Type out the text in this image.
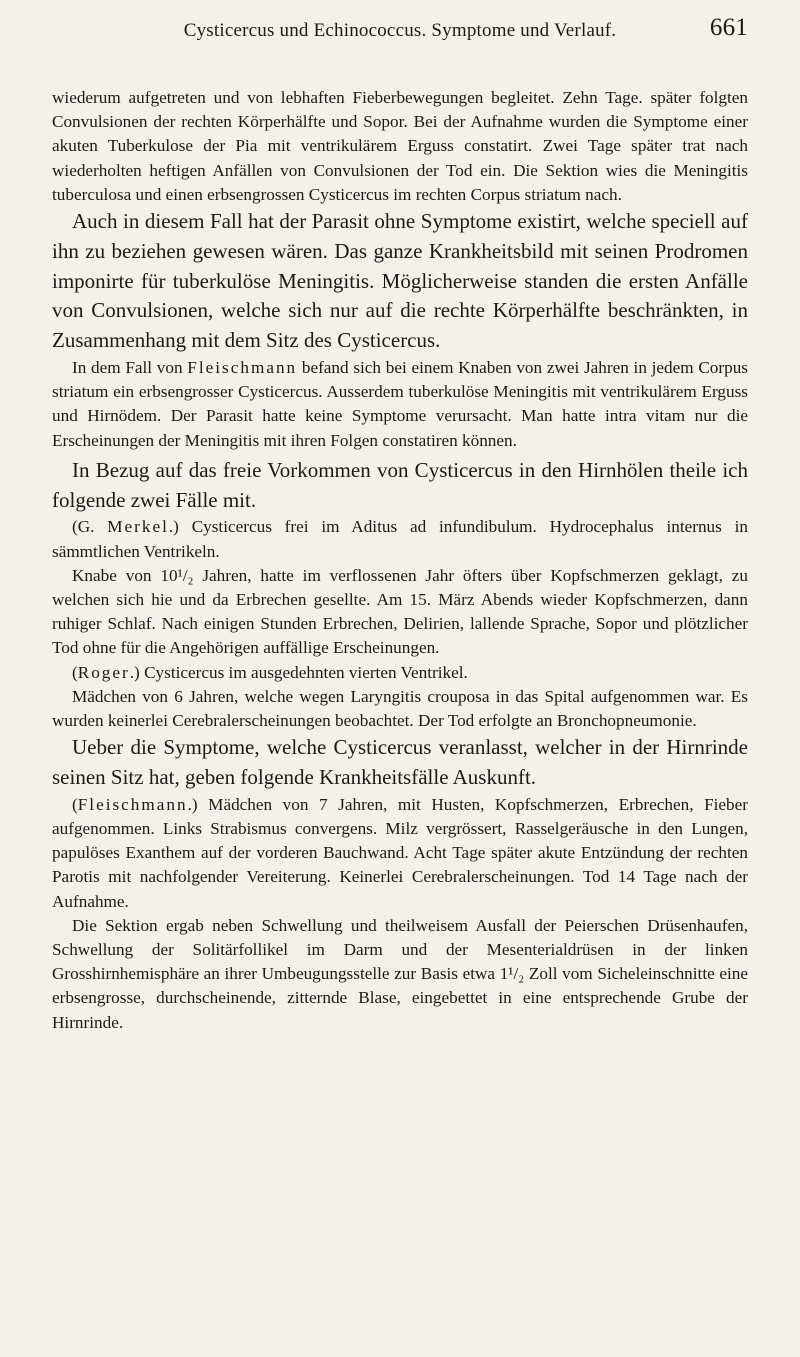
Cysticercus und Echinococcus. Symptome und Verlauf.	661

wiederum aufgetreten und von lebhaften Fieberbewegungen begleitet. Zehn Tage. später folgten Convulsionen der rechten Körperhälfte und Sopor. Bei der Aufnahme wurden die Symptome einer akuten Tuberkulose der Pia mit ventrikulärem Erguss constatirt. Zwei Tage später trat nach wiederholten heftigen Anfällen von Convulsionen der Tod ein. Die Sektion wies die Meningitis tuberculosa und einen erbsengrossen Cysticercus im rechten Corpus striatum nach.

Auch in diesem Fall hat der Parasit ohne Symptome existirt, welche speciell auf ihn zu beziehen gewesen wären. Das ganze Krankheitsbild mit seinen Prodromen imponirte für tuberkulöse Meningitis. Möglicherweise standen die ersten Anfälle von Convulsionen, welche sich nur auf die rechte Körperhälfte beschränkten, in Zusammenhang mit dem Sitz des Cysticercus.

In dem Fall von Fleischmann befand sich bei einem Knaben von zwei Jahren in jedem Corpus striatum ein erbsengrosser Cysticercus. Ausserdem tuberkulöse Meningitis mit ventrikulärem Erguss und Hirnödem. Der Parasit hatte keine Symptome verursacht. Man hatte intra vitam nur die Erscheinungen der Meningitis mit ihren Folgen constatiren können.

In Bezug auf das freie Vorkommen von Cysticercus in den Hirnhölen theile ich folgende zwei Fälle mit.

(G. Merkel.) Cysticercus frei im Aditus ad infundibulum. Hydrocephalus internus in sämmtlichen Ventrikeln.

Knabe von 10¹/₂ Jahren, hatte im verflossenen Jahr öfters über Kopfschmerzen geklagt, zu welchen sich hie und da Erbrechen gesellte. Am 15. März Abends wieder Kopfschmerzen, dann ruhiger Schlaf. Nach einigen Stunden Erbrechen, Delirien, lallende Sprache, Sopor und plötzlicher Tod ohne für die Angehörigen auffällige Erscheinungen.

(Roger.) Cysticercus im ausgedehnten vierten Ventrikel.

Mädchen von 6 Jahren, welche wegen Laryngitis crouposa in das Spital aufgenommen war. Es wurden keinerlei Cerebralerscheinungen beobachtet. Der Tod erfolgte an Bronchopneumonie.

Ueber die Symptome, welche Cysticercus veranlasst, welcher in der Hirnrinde seinen Sitz hat, geben folgende Krankheitsfälle Auskunft.

(Fleischmann.) Mädchen von 7 Jahren, mit Husten, Kopfschmerzen, Erbrechen, Fieber aufgenommen. Links Strabismus convergens. Milz vergrössert, Rasselgeräusche in den Lungen, papulöses Exanthem auf der vorderen Bauchwand. Acht Tage später akute Entzündung der rechten Parotis mit nachfolgender Vereiterung. Keinerlei Cerebralerscheinungen. Tod 14 Tage nach der Aufnahme.

Die Sektion ergab neben Schwellung und theilweisem Ausfall der Peierschen Drüsenhaufen, Schwellung der Solitärfollikel im Darm und der Mesenterialdrüsen in der linken Grosshirnhemisphäre an ihrer Umbeugungsstelle zur Basis etwa 1¹/₂ Zoll vom Sicheleinschnitte eine erbsengrosse, durchscheinende, zitternde Blase, eingebettet in eine entsprechende Grube der Hirnrinde.
